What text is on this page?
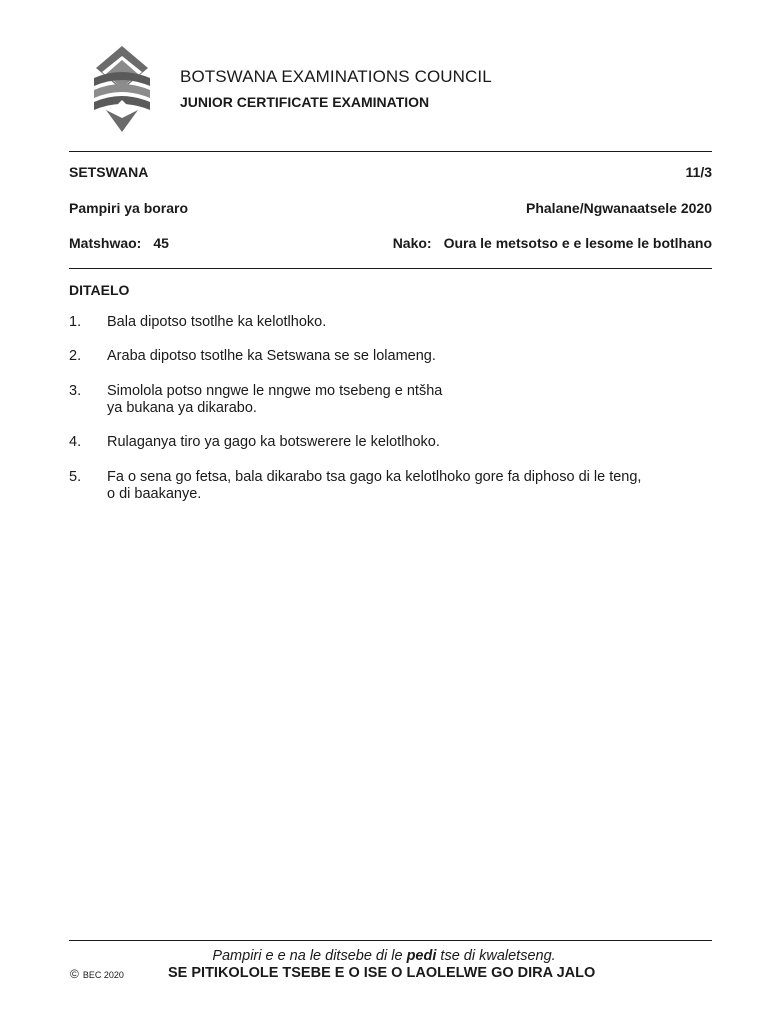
BOTSWANA EXAMINATIONS COUNCIL
JUNIOR CERTIFICATE EXAMINATION
SETSWANA	11/3
Pampiri ya boraro	Phalane/Ngwanaatsele 2020
Matshwao: 45	Nako: Oura le metsotso e e lesome le botlhano
DITAELO
1. Bala dipotso tsotlhe ka kelotlhoko.
2. Araba dipotso tsotlhe ka Setswana se se lolameng.
3. Simolola potso nngwe le nngwe mo tsebeng e ntšha
ya bukana ya dikarabo.
4. Rulaganya tiro ya gago ka botswerere le kelotlhoko.
5. Fa o sena go fetsa, bala dikarabo tsa gago ka kelotlhoko gore fa diphoso di le teng,
o di baakanye.
Pampiri e e na le ditsebe di le pedi tse di kwaletseng.
© BEC 2020	SE PITIKOLOLE TSEBE E O ISE O LAOLELWE GO DIRA JALO
